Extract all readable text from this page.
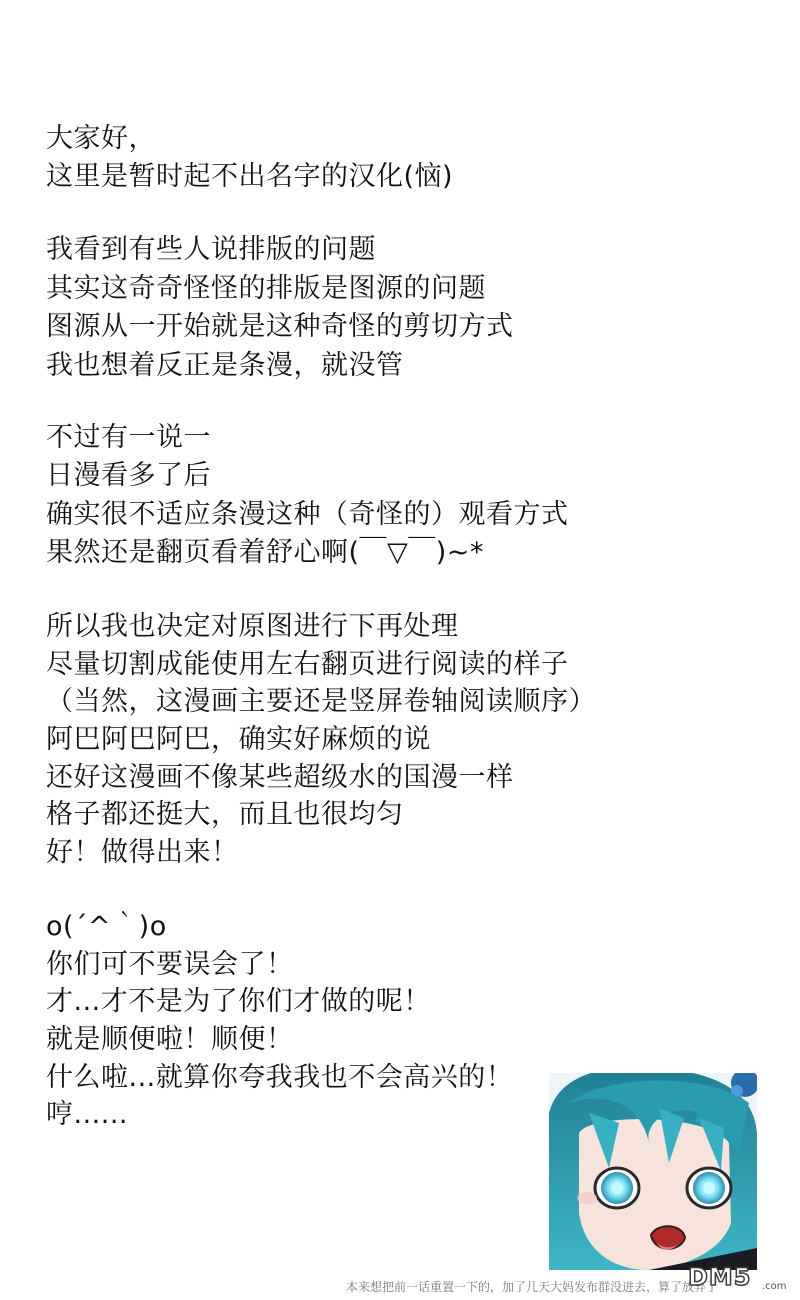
大家好，
这里是暂时起不出名字的汉化(恼)
我看到有些人说排版的问题
其实这奇奇怪怪的排版是图源的问题
图源从一开始就是这种奇怪的剪切方式
我也想着反正是条漫，就没管
不过有一说一
日漫看多了后
确实很不适应条漫这种（奇怪的）观看方式
果然还是翻页看着舒心啊(￣▽￣)~*
所以我也决定对原图进行下再处理
尽量切割成能使用左右翻页进行阅读的样子
（当然，这漫画主要还是竖屏卷轴阅读顺序）
阿巴阿巴阿巴，确实好麻烦的说
还好这漫画不像某些超级水的国漫一样
格子都还挺大，而且也很均匀
好！做得出来！
o(´^｀)o
你们可不要误会了！
才...才不是为了你们才做的呢！
就是顺便啦！顺便！
什么啦...就算你夸我我也不会高兴的！
哼......
本来想把前一话重置一下的，加了几天大妈发布群没进去，算了放弃了
DM5 .com
